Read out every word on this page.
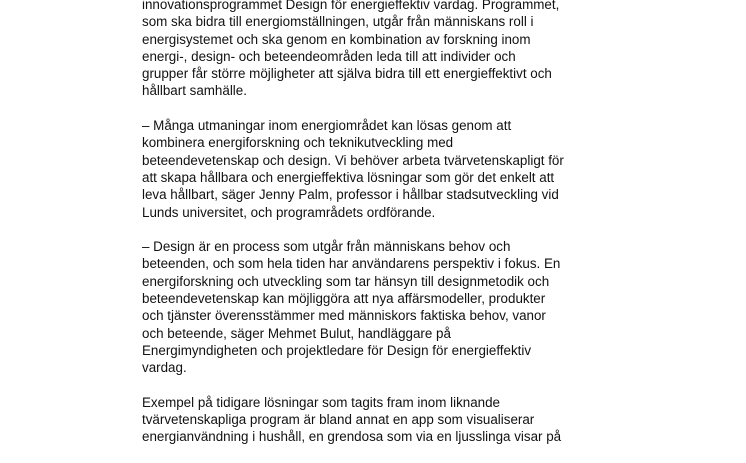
innovationsprogrammet Design för energieffektiv vardag. Programmet,
som ska bidra till energiomställningen, utgår från människans roll i
energisystemet och ska genom en kombination av forskning inom
energi-, design- och beteendeområden leda till att individer och
grupper får större möjligheter att själva bidra till ett energieffektivt och
hållbart samhälle.

– Många utmaningar inom energiområdet kan lösas genom att
kombinera energiforskning och teknikutveckling med
beteendevetenskap och design. Vi behöver arbeta tvärvetenskapligt för
att skapa hållbara och energieffektiva lösningar som gör det enkelt att
leva hållbart, säger Jenny Palm, professor i hållbar stadsutveckling vid
Lunds universitet, och programrådets ordförande.

– Design är en process som utgår från människans behov och
beteenden, och som hela tiden har användarens perspektiv i fokus. En
energiforskning och utveckling som tar hänsyn till designmetodik och
beteendevetenskap kan möjliggöra att nya affärsmodeller, produkter
och tjänster överensstämmer med människors faktiska behov, vanor
och beteende, säger Mehmet Bulut, handläggare på
Energimyndigheten och projektledare för Design för energieffektiv
vardag.

Exempel på tidigare lösningar som tagits fram inom liknande
tvärvetenskapliga program är bland annat en app som visualiserar
energianvändning i hushåll, en grendosa som via en ljusslinga visar på
